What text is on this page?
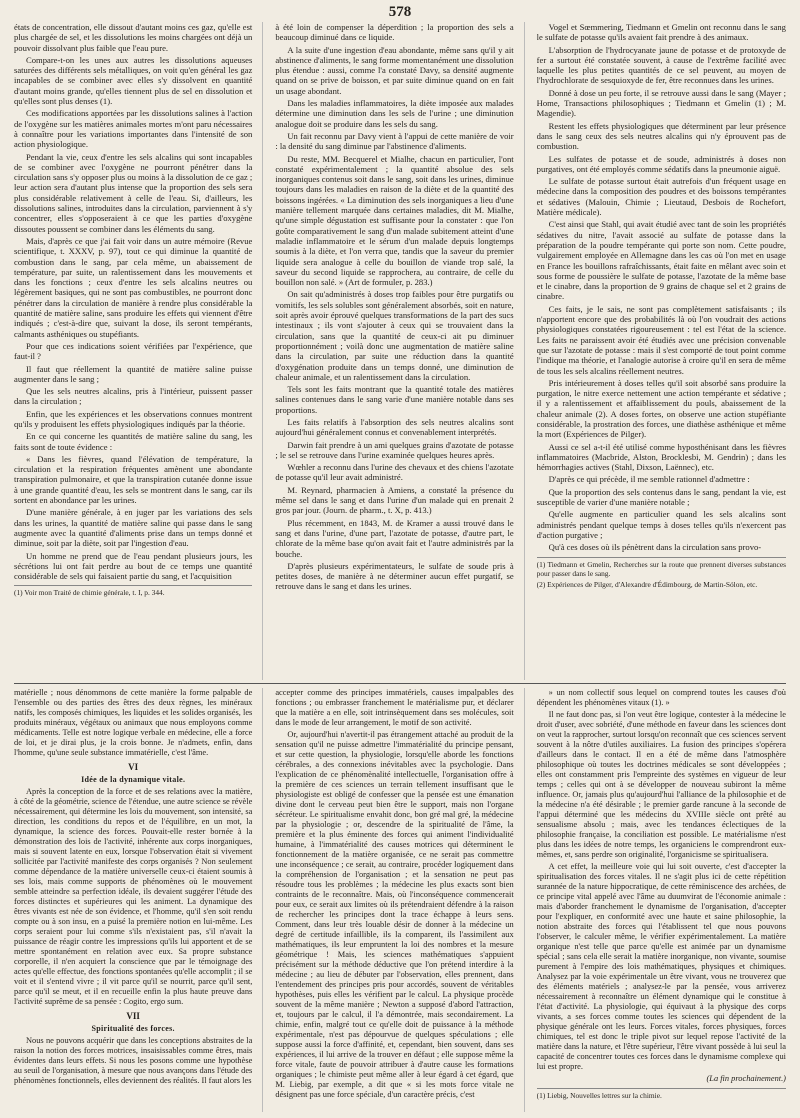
578

états de concentration, elle dissout d'autant moins ces gaz, qu'elle est plus chargée de sel, et les dissolutions les moins chargées ont déjà un pouvoir dissolvant plus faible que l'eau pure.

Compare-t-on les unes aux autres les dissolutions aqueuses saturées des différents sels métalliques, on voit qu'en général les gaz incapables de se combiner avec elles s'y dissolvent en quantité d'autant moins grande, qu'elles tiennent plus de sel en dissolution et qu'elles sont plus denses (1).

Ces modifications apportées par les dissolutions salines à l'action de l'oxygène sur les matières animales mortes m'ont paru nécessaires à connaître pour les variations importantes dans l'intensité de son action physiologique.

Pendant la vie, ceux d'entre les sels alcalins qui sont incapables de se combiner avec l'oxygène ne pourront pénétrer dans la circulation sans s'y opposer plus ou moins à la dissolution de ce gaz ; leur action sera d'autant plus intense que la proportion des sels sera plus considérable relativement à celle de l'eau. Si, d'ailleurs, les dissolutions salines, introduites dans la circulation, parviennent à s'y concentrer, elles s'opposeraient à ce que les parties d'oxygène dissoutes poussent se combiner dans les éléments du sang.

Mais, d'après ce que j'ai fait voir dans un autre mémoire (Revue scientifique, t. XXXV, p. 97), tout ce qui diminue la quantité de combustion dans le sang, par cela même, un abaissement de température, par suite, un ralentissement dans les mouvements et dans les fonctions ; ceux d'entre les sels alcalins neutres ou légèrement basiques, qui ne sont pas combustibles, ne pourront donc pénétrer dans la circulation de manière à rendre plus considérable la quantité de matière saline, sans produire les effets qui viennent d'être indiqués ; c'est-à-dire que, suivant la dose, ils seront tempérants, calmants asthéniques ou stupéfiants.

Pour que ces indications soient vérifiées par l'expérience, que faut-il ?

Il faut que réellement la quantité de matière saline puisse augmenter dans le sang ;

Que les sels neutres alcalins, pris à l'intérieur, puissent passer dans la circulation ;

Enfin, que les expériences et les observations connues montrent qu'ils y produisent les effets physiologiques indiqués par la théorie.

En ce qui concerne les quantités de matière saline du sang, les faits sont de toute évidence :

« Dans les fièvres, quand l'élévation de température, la circulation et la respiration fréquentes amènent une abondante transpiration pulmonaire, et que la transpiration cutanée donne issue à une grande quantité d'eau, les sels se montrent dans le sang, car ils sortent en abondance par les urines.

D'une manière générale, à en juger par les variations des sels dans les urines, la quantité de matière saline qui passe dans le sang augmente avec la quantité d'aliments prise dans un temps donné et diminue, soit par la diète, soit par l'ingestion d'eau.

Un homme ne prend que de l'eau pendant plusieurs jours, les sécrétions lui ont fait perdre au bout de ce temps une quantité considérable de sels qui faisaient partie du sang, et l'acquisition

(1) Voir mon Traité de chimie générale, t. I, p. 344.

à été loin de compenser la déperdition ; la proportion des sels a beaucoup diminué dans ce liquide.

A la suite d'une ingestion d'eau abondante, même sans qu'il y ait abstinence d'aliments, le sang forme momentanément une dissolution plus étendue : aussi, comme l'a constaté Davy, sa densité augmente quand on se prive de boisson, et par suite diminue quand on en fait un usage abondant.

Dans les maladies inflammatoires, la diète imposée aux malades détermine une diminution dans les sels de l'urine ; une diminution analogue doit se produire dans les sels du sang.

Un fait reconnu par Davy vient à l'appui de cette manière de voir : la densité du sang diminue par l'abstinence d'aliments.

Du reste, MM. Becquerel et Mialhe, chacun en particulier, l'ont constaté expérimentalement ; la quantité absolue des sels inorganiques contenus soit dans le sang, soit dans les urines, diminue toujours dans les maladies en raison de la diète et de la quantité des boissons ingérées. « La diminution des sels inorganiques a lieu d'une manière tellement marquée dans certaines maladies, dit M. Mialhe, qu'une simple dégustation est suffisante pour la constater : que l'on goûte comparativement le sang d'un malade subitement atteint d'une maladie inflammatoire et le sérum d'un malade depuis longtemps soumis à la diète, et l'on verra que, tandis que la saveur du premier liquide sera analogue à celle du bouillon de viande trop salé, la saveur du second liquide se rapprochera, au contraire, de celle du bouillon non salé. » (Art de formuler, p. 283.)

On sait qu'administrés à doses trop faibles pour être purgatifs ou vomitifs, les sels solubles sont généralement absorbés, soit en nature, soit après avoir éprouvé quelques transformations de la part des sucs intestinaux ; ils vont s'ajouter à ceux qui se trouvaient dans la circulation, sans que la quantité de ceux-ci ait pu diminuer proportionnément ; voilà donc une augmentation de matière saline dans la circulation, par suite une réduction dans la quantité d'oxygénation produite dans un temps donné, une diminution de chaleur animale, et un ralentissement dans la circulation.

Tels sont les faits montrant que la quantité totale des matières salines contenues dans le sang varie d'une manière notable dans ses proportions.

Les faits relatifs à l'absorption des sels neutres alcalins sont aujourd'hui généralement connus et convenablement interprétés.

Darwin fait prendre à un ami quelques grains d'azotate de potasse ; le sel se retrouve dans l'urine examinée quelques heures après.

Wœhler a reconnu dans l'urine des chevaux et des chiens l'azotate de potasse qu'il leur avait administré.

M. Reynard, pharmacien à Amiens, a constaté la présence du même sel dans le sang et dans l'urine d'un malade qui en prenait 2 gros par jour. (Journ. de pharm., t. X, p. 413.)

Plus récemment, en 1843, M. de Kramer a aussi trouvé dans le sang et dans l'urine, d'une part, l'azotate de potasse, d'autre part, le chlorate de la même base qu'on avait fait et l'autre administrés par la bouche.

D'après plusieurs expérimentateurs, le sulfate de soude pris à petites doses, de manière à ne déterminer aucun effet purgatif, se retrouve dans le sang et dans les urines.

Vogel et Sœmmering, Tiedmann et Gmelin ont reconnu dans le sang le sulfate de potasse qu'ils avaient fait prendre à des animaux.

L'absorption de l'hydrocyanate jaune de potasse et de protoxyde de fer a surtout été constatée souvent, à cause de l'extrême facilité avec laquelle les plus petites quantités de ce sel peuvent, au moyen de l'hydrochlorate de sesquioxyde de fer, être reconnues dans les urines.

Donné à dose un peu forte, il se retrouve aussi dans le sang (Mayer ; Home, Transactions philosophiques ; Tiedmann et Gmelin (1) ; M. Magendie).

Restent les effets physiologiques que déterminent par leur présence dans le sang ceux des sels neutres alcalins qui n'y éprouvent pas de combustion.

Les sulfates de potasse et de soude, administrés à doses non purgatives, ont été employés comme sédatifs dans la pneumonie aiguë.

Le sulfate de potasse surtout était autrefois d'un fréquent usage en médecine dans la composition des poudres et des boissons tempérantes et sédatives (Malouin, Chimie ; Lieutaud, Desbois de Rochefort, Matière médicale).

C'est ainsi que Stahl, qui avait étudié avec tant de soin les propriétés sédatives du nitre, l'avait associé au sulfate de potasse dans la préparation de la poudre tempérante qui porte son nom. Cette poudre, vulgairement employée en Allemagne dans les cas où l'on met en usage en France les bouillons rafraîchissants, était faite en mêlant avec soin et sous forme de poussière le sulfate de potasse, l'azotate de la même base et le cinabre, dans la proportion de 9 grains de chaque sel et 2 grains de cinabre.

Ces faits, je le sais, ne sont pas complètement satisfaisants ; ils n'apportent encore que des probabilités là où l'on voudrait des actions physiologiques constatées rigoureusement : tel est l'état de la science. Les faits ne paraissent avoir été étudiés avec une précision convenable que sur l'azotate de potasse : mais il s'est comporté de tout point comme l'indique ma théorie, et l'analogie autorise à croire qu'il en sera de même de tous les sels alcalins réellement neutres.

Pris intérieurement à doses telles qu'il soit absorbé sans produire la purgation, le nitre exerce nettement une action tempérante et sédative ; il y a ralentissement et affaiblissement du pouls, abaissement de la chaleur animale (2). A doses fortes, on observe une action stupéfiante considérable, la prostration des forces, une diathèse asthénique et même la mort (Expériences de Pilger).

Aussi ce sel a-t-il été utilisé comme hyposthénisant dans les fièvres inflammatoires (Macbride, Alston, Brocklesbi, M. Gendrin) ; dans les hémorrhagies actives (Stahl, Dixson, Laënnec), etc.

D'après ce qui précède, il me semble rationnel d'admettre :

Que la proportion des sels contenus dans le sang, pendant la vie, est susceptible de varier d'une manière notable ;

Qu'elle augmente en particulier quand les sels alcalins sont administrés pendant quelque temps à doses telles qu'ils n'exercent pas d'action purgative ;

Qu'à ces doses où ils pénètrent dans la circulation sans provo-

(1) Tiedmann et Gmelin, Recherches sur la route que prennent diverses substances pour passer dans le sang.

(2) Expériences de Pilger, d'Alexandre d'Édimbourg, de Martin-Sólon, etc.

matérielle ; nous dénommons de cette manière la forme palpable de l'ensemble ou des parties des êtres des deux règnes, les minéraux natifs, les composés chimiques, les liquides et les solides organisés, les produits minéraux, végétaux ou animaux que nous employons comme médicaments. Telle est notre logique verbale en médecine, elle a force de loi, et je dirai plus, je la crois bonne. Je n'admets, enfin, dans l'homme, qu'une seule substance immatérielle, c'est l'âme.

VI
Idée de la dynamique vitale.

Après la conception de la force et de ses relations avec la matière, à côté de la géométrie, science de l'étendue, une autre science se révèle nécessairement, qui détermine les lois du mouvement, son intensité, sa direction, les conditions du repos et de l'équilibre, en un mot, la dynamique, la science des forces. Pouvait-elle rester bornée à la démonstration des lois de l'activité, inhérente aux corps inorganiques, mais si souvent latente en eux, lorsque l'observation était si vivement sollicitée par l'activité manifeste des corps organisés ? Non seulement comme dépendance de la matière universelle ceux-ci étaient soumis à ses lois, mais comme supports de phénomènes où le mouvement semble atteindre sa perfection idéale, ils devaient suggérer l'étude des forces distinctes et supérieures qui les animent. La dynamique des êtres vivants est née de son évidence, et l'homme, qu'il s'en soit rendu compte ou à son insu, en a puisé la première notion en lui-même. Les corps seraient pour lui comme s'ils n'existaient pas, s'il n'avait la puissance de réagir contre les impressions qu'ils lui apportent et de se mettre spontanément en relation avec eux. Sa propre substance corporelle, il n'en acquiert la conscience que par le témoignage des actes qu'elle effectue, des fonctions spontanées qu'elle accomplit ; il se voit et il s'entend vivre ; il vit parce qu'il se nourrit, parce qu'il sent, parce qu'il se meut, et il en recueille enfin la plus haute preuve dans l'activité suprême de sa pensée : Cogito, ergo sum.

VII
Spiritualité des forces.

Nous ne pouvons acquérir que dans les conceptions abstraites de la raison la notion des forces motrices, insaisissables comme êtres, mais évidentes dans leurs effets. Si nous les posons comme une hypothèse au seuil de l'organisation, à mesure que nous avançons dans l'étude des phénomènes fonctionnels, elles deviennent des réalités. Il faut alors les

accepter comme des principes immatériels, causes impalpables des fonctions ; ou embrasser franchement le matérialisme pur, et déclarer que la matière a en elle, soit intrinsèquement dans ses molécules, soit dans le mode de leur arrangement, le motif de son activité.

Or, aujourd'hui n'avertit-il pas étrangement attaché au produit de la sensation qu'il ne puisse admettre l'immatérialité du principe pensant, et sur cette question, la physiologie, lorsqu'elle aborde les fonctions cérébrales, a des connexions inévitables avec la psychologie. Dans l'explication de ce phénomènalité intellectuelle, l'organisation offre à la première de ces sciences un terrain tellement insuffisant que le physiologiste est obligé de confesser que la pensée est une émanation divine dont le cerveau peut bien être le support, mais non l'organe sécréteur. Le spiritualisme envahit donc, bon gré mal gré, la médecine par la physiologie ; or, descendre de la spiritualité de l'âme, la première et la plus éminente des forces qui animent l'individualité humaine, à l'immatérialité des causes motrices qui déterminent le fonctionnement de la matière organisée, ce ne serait pas commettre une inconséquence ; ce serait, au contraire, procéder logiquement dans la compréhension de l'organisation ; et la sensation ne peut pas résoudre tous les problèmes ; la médecine les plus exacts sont bien contraints de le reconnaître. Mais, où l'inconséquence commencerait pour eux, ce serait aux limites où ils prétendraient défendre à la raison de rechercher les principes dont la trace échappe à leurs sens. Comment, dans leur très louable désir de donner à la médecine un degré de certitude infaillible, ils la comparent, ils l'assimilent aux mathématiques, ils leur empruntent la loi des nombres et la mesure géométrique ! Mais, les sciences mathématiques s'appuient précisément sur la méthode déductive que l'on prétend interdire à la médecine ; au lieu de débuter par l'observation, elles prennent, dans l'entendement des principes pris pour accordés, souvent de véritables hypothèses, puis elles les vérifient par le calcul. La physique procède souvent de la même manière ; Newton a supposé d'abord l'attraction, et, toujours par le calcul, il l'a démontrée, mais secondairement. La chimie, enfin, malgré tout ce qu'elle doit de puissance à la méthode expérimentale, n'est pas dépourvue de quelques spéculations ; elle suppose aussi la force d'affinité, et, cependant, bien souvent, dans ses expériences, il lui arrive de la trouver en défaut ; elle suppose même la force vitale, faute de pouvoir attribuer à d'autre cause les formations organiques ; le chimiste peut même aller à leur égard à cet égard, que M. Liebig, par exemple, a dit que « si les mots force vitale ne désignent pas une force spéciale, d'un caractère précis, c'est

» un nom collectif sous lequel on comprend toutes les causes d'où dépendent les phénomènes vitaux (1). »

Il ne faut donc pas, si l'on veut être logique, contester à la médecine le droit d'user, avec sobriété, d'une méthode en faveur dans les sciences dont on veut la rapprocher, surtout lorsqu'on reconnaît que ces sciences servent souvent à la nôtre d'utiles auxiliaires. La fusion des principes s'opérera d'ailleurs dans le contact. Il en a été de même dans l'atmosphère philosophique où toutes les doctrines médicales se sont développées ; elles ont constamment pris l'empreinte des systèmes en vigueur de leur temps ; celles qui ont à se développer de nouveau subiront la même influence. Or, jamais plus qu'aujourd'hui l'alliance de la philosophie et de la médecine n'a été désirable ; le premier garde rancune à la seconde de l'appui déterminé que les médecins du XVIIIe siècle ont prêté au sensualisme absolu ; mais, avec les tendances éclectiques de la philosophie française, la conciliation est possible. Le matérialisme n'est plus dans les idées de notre temps, les organiciens le comprendront eux-mêmes, et, sans perdre son originalité, l'organicisme se spiritualisera.

A cet effet, la meilleure voie qui lui soit ouverte, c'est d'accepter la spiritualisation des forces vitales. Il ne s'agit plus ici de cette répétition surannée de la nature hippocratique, de cette réminiscence des archées, de ce principe vital appelé avec l'âme au duumvirat de l'économie animale : mais d'aborder franchement le dynamisme de l'organisation, d'accepter pour l'expliquer, en conformité avec une haute et saine philosophie, la notion abstraite des forces qui l'établissent tel que nous pouvons l'observer, le calculer même, le vérifier expérimentalement. La matière organique n'est telle que parce qu'elle est animée par un dynamisme spécial ; sans cela elle serait la matière inorganique, non vivante, soumise purement à l'empire des lois mathématiques, physiques et chimiques. Analysez par la voie expérimentale un être vivant, vous ne trouverez que des éléments matériels ; analysez-le par la pensée, vous arriverez nécessairement à reconnaître un élément dynamique qui le constitue à l'état d'activité. La physiologie, qui équivaut à la physique des corps vivants, a ses forces comme toutes les sciences qui dépendent de la physique générale ont les leurs. Forces vitales, forces physiques, forces chimiques, tel est donc le triple pivot sur lequel repose l'activité de la matière dans la nature, et l'être supérieur, l'être vivant possède à lui seul la capacité de concentrer toutes ces forces dans le dynamisme complexe qui lui est propre.

(La fin prochainement.)

(1) Liebig, Nouvelles lettres sur la chimie.
